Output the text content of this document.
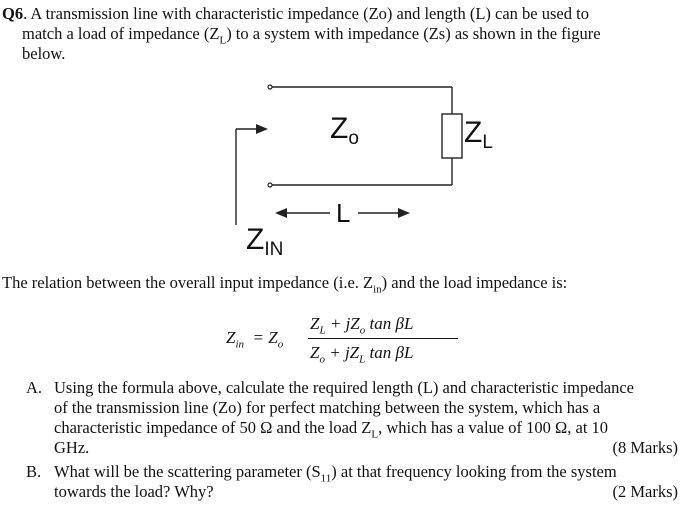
Q6. A transmission line with characteristic impedance (Zo) and length (L) can be used to
match a load of impedance $(Z_L)$ to a system with impedance (Zs) as shown in the figure
below.
$Z_o$	$Z_L$
L
$Z_{IN}$
The relation between the overall input impedance (i.e. $Z_{in}$) and the load impedance is:
$Z_{in} = Z_o$
$Z_L + jZ_o$ tan βL
$Z_o + jZ_L$ tan βL
A. Using the formula above, calculate the required length (L) and characteristic impedance
of the transmission line (Zo) for perfect matching between the system, which has a
characteristic impedance of 50 Ω and the load $Z_L$, which has a value of 100 Ω, at 10
GHz.	(8 Marks)
B. What will be the scattering parameter $(S_{11})$ at that frequency looking from the system
towards the load? Why?	(2 Marks)
